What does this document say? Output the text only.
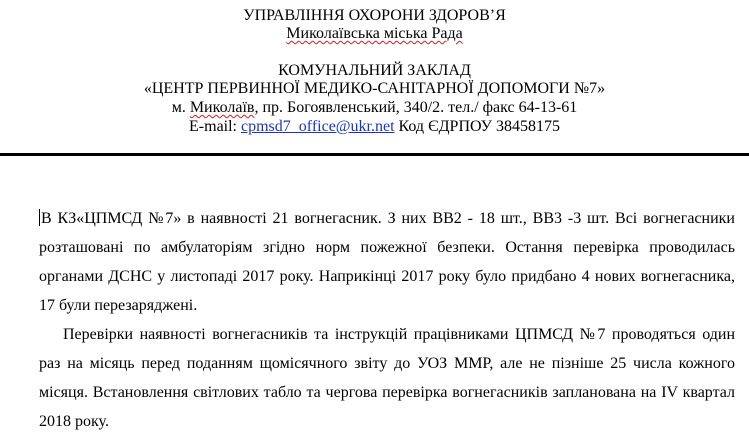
УПРАВЛІННЯ ОХОРОНИ ЗДОРОВ’Я
Миколаївська міська Рада
КОМУНАЛЬНИЙ ЗАКЛАД
«ЦЕНТР ПЕРВИННОЇ МЕДИКО-САНІТАРНОЇ ДОПОМОГИ №7»
м. Миколаїв, пр. Богоявленський, 340/2. тел./ факс 64-13-61
E-mail: cpmsd7_office@ukr.net Код ЄДРПОУ 38458175

В КЗ«ЦПМСД №7» в наявності 21 вогнегасник. З них ВВ2 - 18 шт., ВВ3 -3 шт. Всі вогнегасники розташовані по амбулаторіям згідно норм пожежної безпеки. Остання перевірка проводилась органами ДСНС у листопаді 2017 року. Наприкінці 2017 року було придбано 4 нових вогнегасника, 17 були перезаряджені.

Перевірки наявності вогнегасників та інструкцій працівниками ЦПМСД №7 проводяться один раз на місяць перед поданням щомісячного звіту до УОЗ ММР, але не пізніше 25 числа кожного місяця. Встановлення світлових табло та чергова перевірка вогнегасників запланована на IV квартал 2018 року.
